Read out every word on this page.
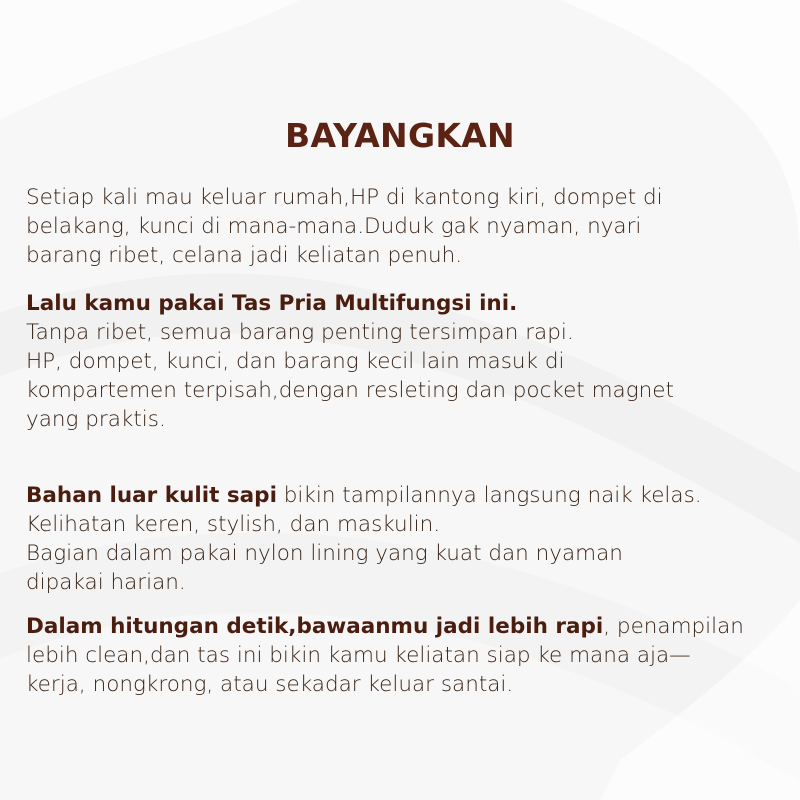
BAYANGKAN
Setiap kali mau keluar rumah,HP di kantong kiri, dompet di
belakang, kunci di mana-mana.Duduk gak nyaman, nyari
barang ribet, celana jadi keliatan penuh.
Lalu kamu pakai Tas Pria Multifungsi ini.
Tanpa ribet, semua barang penting tersimpan rapi.
HP, dompet, kunci, dan barang kecil lain masuk di
kompartemen terpisah,dengan resleting dan pocket magnet
yang praktis.
Bahan luar kulit sapi bikin tampilannya langsung naik kelas.
Kelihatan keren, stylish, dan maskulin.
Bagian dalam pakai nylon lining yang kuat dan nyaman
dipakai harian.
Dalam hitungan detik,bawaanmu jadi lebih rapi, penampilan
lebih clean,dan tas ini bikin kamu keliatan siap ke mana aja—
kerja, nongkrong, atau sekadar keluar santai.
